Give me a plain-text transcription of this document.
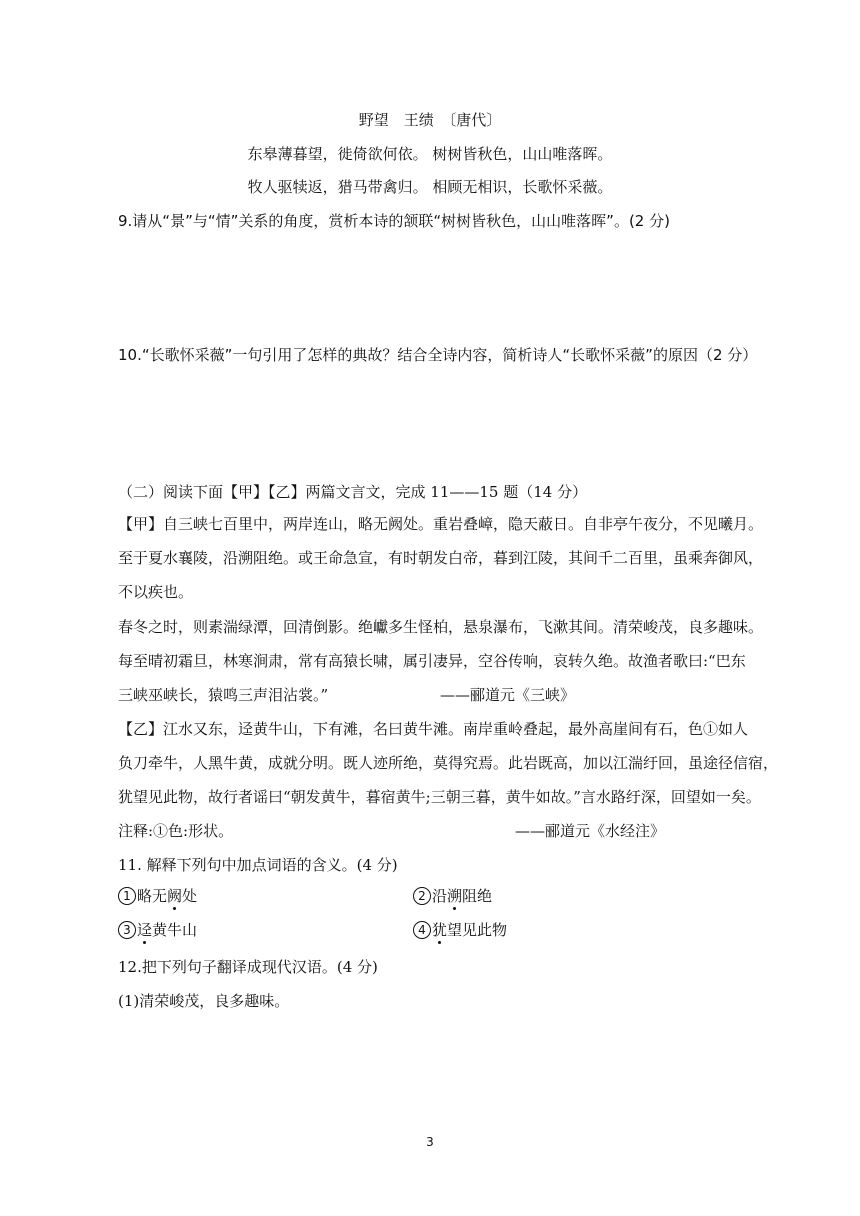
野望　 王绩　 〔唐代〕
东皋薄暮望，徙倚欲何依。 树树皆秋色，山山唯落晖。
牧人驱犊返，猎马带禽归。 相顾无相识，长歌怀采薇。
9.请从“景”与“情”关系的角度，赏析本诗的颔联“树树皆秋色，山山唯落晖”。(2 分)
10.“长歌怀采薇”一句引用了怎样的典故？结合全诗内容，简析诗人“长歌怀采薇”的原因（2 分）
（二）阅读下面【甲】【乙】两篇文言文，完成 11——15 题（14 分）
【甲】自三峡七百里中，两岸连山，略无阙处。重岩叠嶂，隐天蔽日。自非亭午夜分，不见曦月。
至于夏水襄陵，沿溯阻绝。或王命急宣，有时朝发白帝，暮到江陵，其间千二百里，虽乘奔御风，
不以疾也。
春冬之时，则素湍绿潭，回清倒影。绝巘多生怪柏，悬泉瀑布，飞漱其间。清荣峻茂，良多趣味。
每至晴初霜旦，林寒涧肃，常有高猿长啸，属引凄异，空谷传响，哀转久绝。故渔者歌曰:“巴东
三峡巫峡长，猿鸣三声泪沾裳。”	——郦道元《三峡》
【乙】江水又东，迳黄牛山，下有滩，名曰黄牛滩。南岸重岭叠起，最外高崖间有石，色①如人
负刀牵牛，人黑牛黄，成就分明。既人迹所绝，莫得究焉。此岩既高，加以江湍纡回，虽途径信宿，
犹望见此物，故行者谣曰“朝发黄牛，暮宿黄牛;三朝三暮，黄牛如故。”言水路纡深，回望如一矣。
注释:①色:形状。	——郦道元《水经注》
11. 解释下列句中加点词语的含义。(4 分)
1 略无阙处	2 沿溯阻绝
3 迳黄牛山	4 犹望见此物
12.把下列句子翻译成现代汉语。(4 分)
(1)清荣峻茂，良多趣味。
3
